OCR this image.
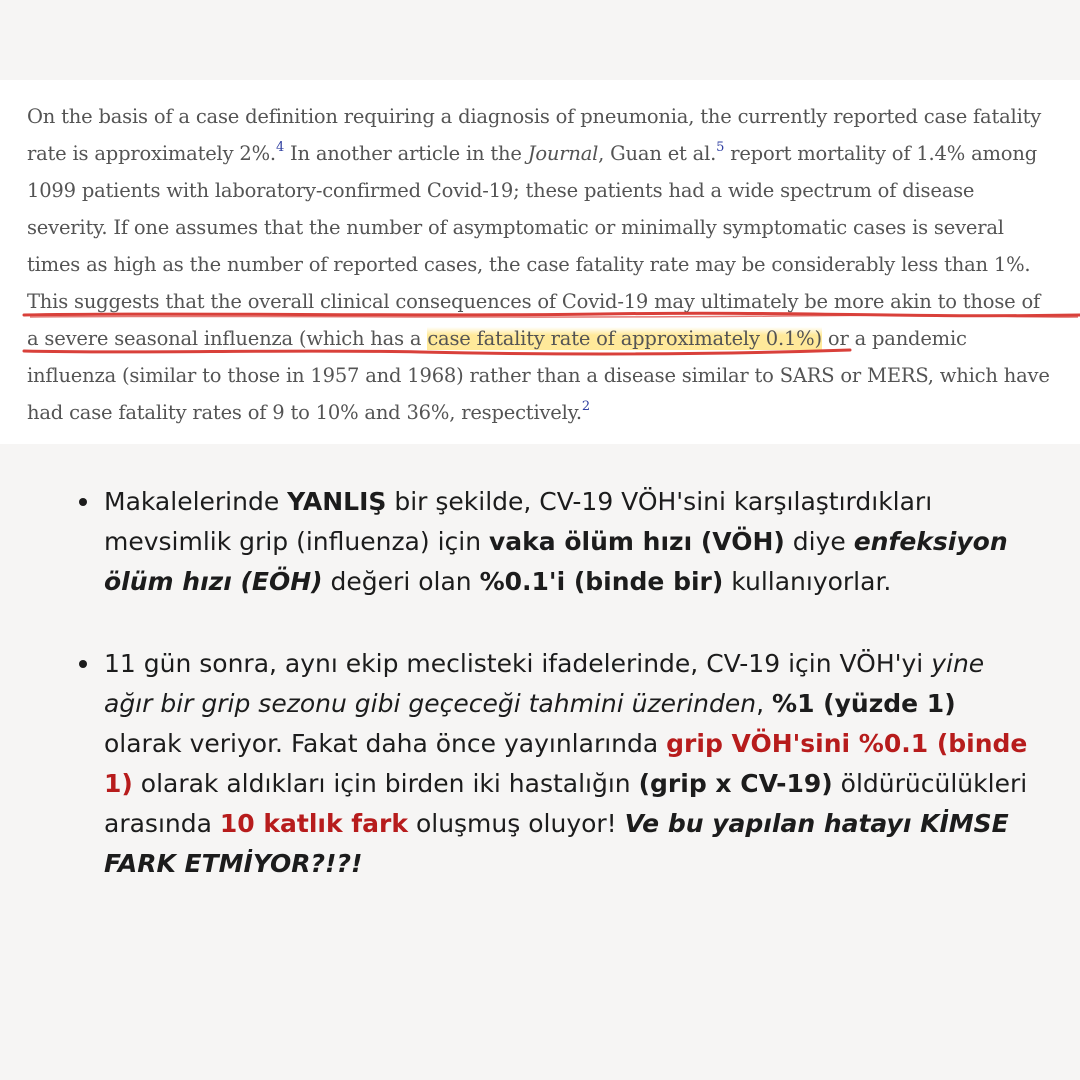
On the basis of a case definition requiring a diagnosis of pneumonia, the currently reported case fatality
rate is approximately 2%.$^4$ In another article in the Journal, Guan et al.$^5$ report mortality of 1.4% among
1099 patients with laboratory-confirmed Covid-19; these patients had a wide spectrum of disease
severity. If one assumes that the number of asymptomatic or minimally symptomatic cases is several
times as high as the number of reported cases, the case fatality rate may be considerably less than 1%.
This suggests that the overall clinical consequences of Covid-19 may ultimately be more akin to those of
a severe seasonal influenza (which has a case fatality rate of approximately 0.1%) or a pandemic
influenza (similar to those in 1957 and 1968) rather than a disease similar to SARS or MERS, which have
had case fatality rates of 9 to 10% and 36%, respectively.$^2$
Makalelerinde YANLIŞ bir şekilde, CV-19 VÖH'sini karşılaştırdıkları mevsimlik grip (influenza) için vaka ölüm hızı (VÖH) diye enfeksiyon ölüm hızı (EÖH) değeri olan %0.1'i (binde bir) kullanıyorlar.
11 gün sonra, aynı ekip meclisteki ifadelerinde, CV-19 için VÖH'yi yine ağır bir grip sezonu gibi geçeceği tahmini üzerinden, %1 (yüzde 1) olarak veriyor. Fakat daha önce yayınlarında grip VÖH'sini %0.1 (binde 1) olarak aldıkları için birden iki hastalığın (grip x CV-19) öldürücülükleri arasında 10 katlık fark oluşmuş oluyor! Ve bu yapılan hatayı KİMSE FARK ETMİYOR?!?!
